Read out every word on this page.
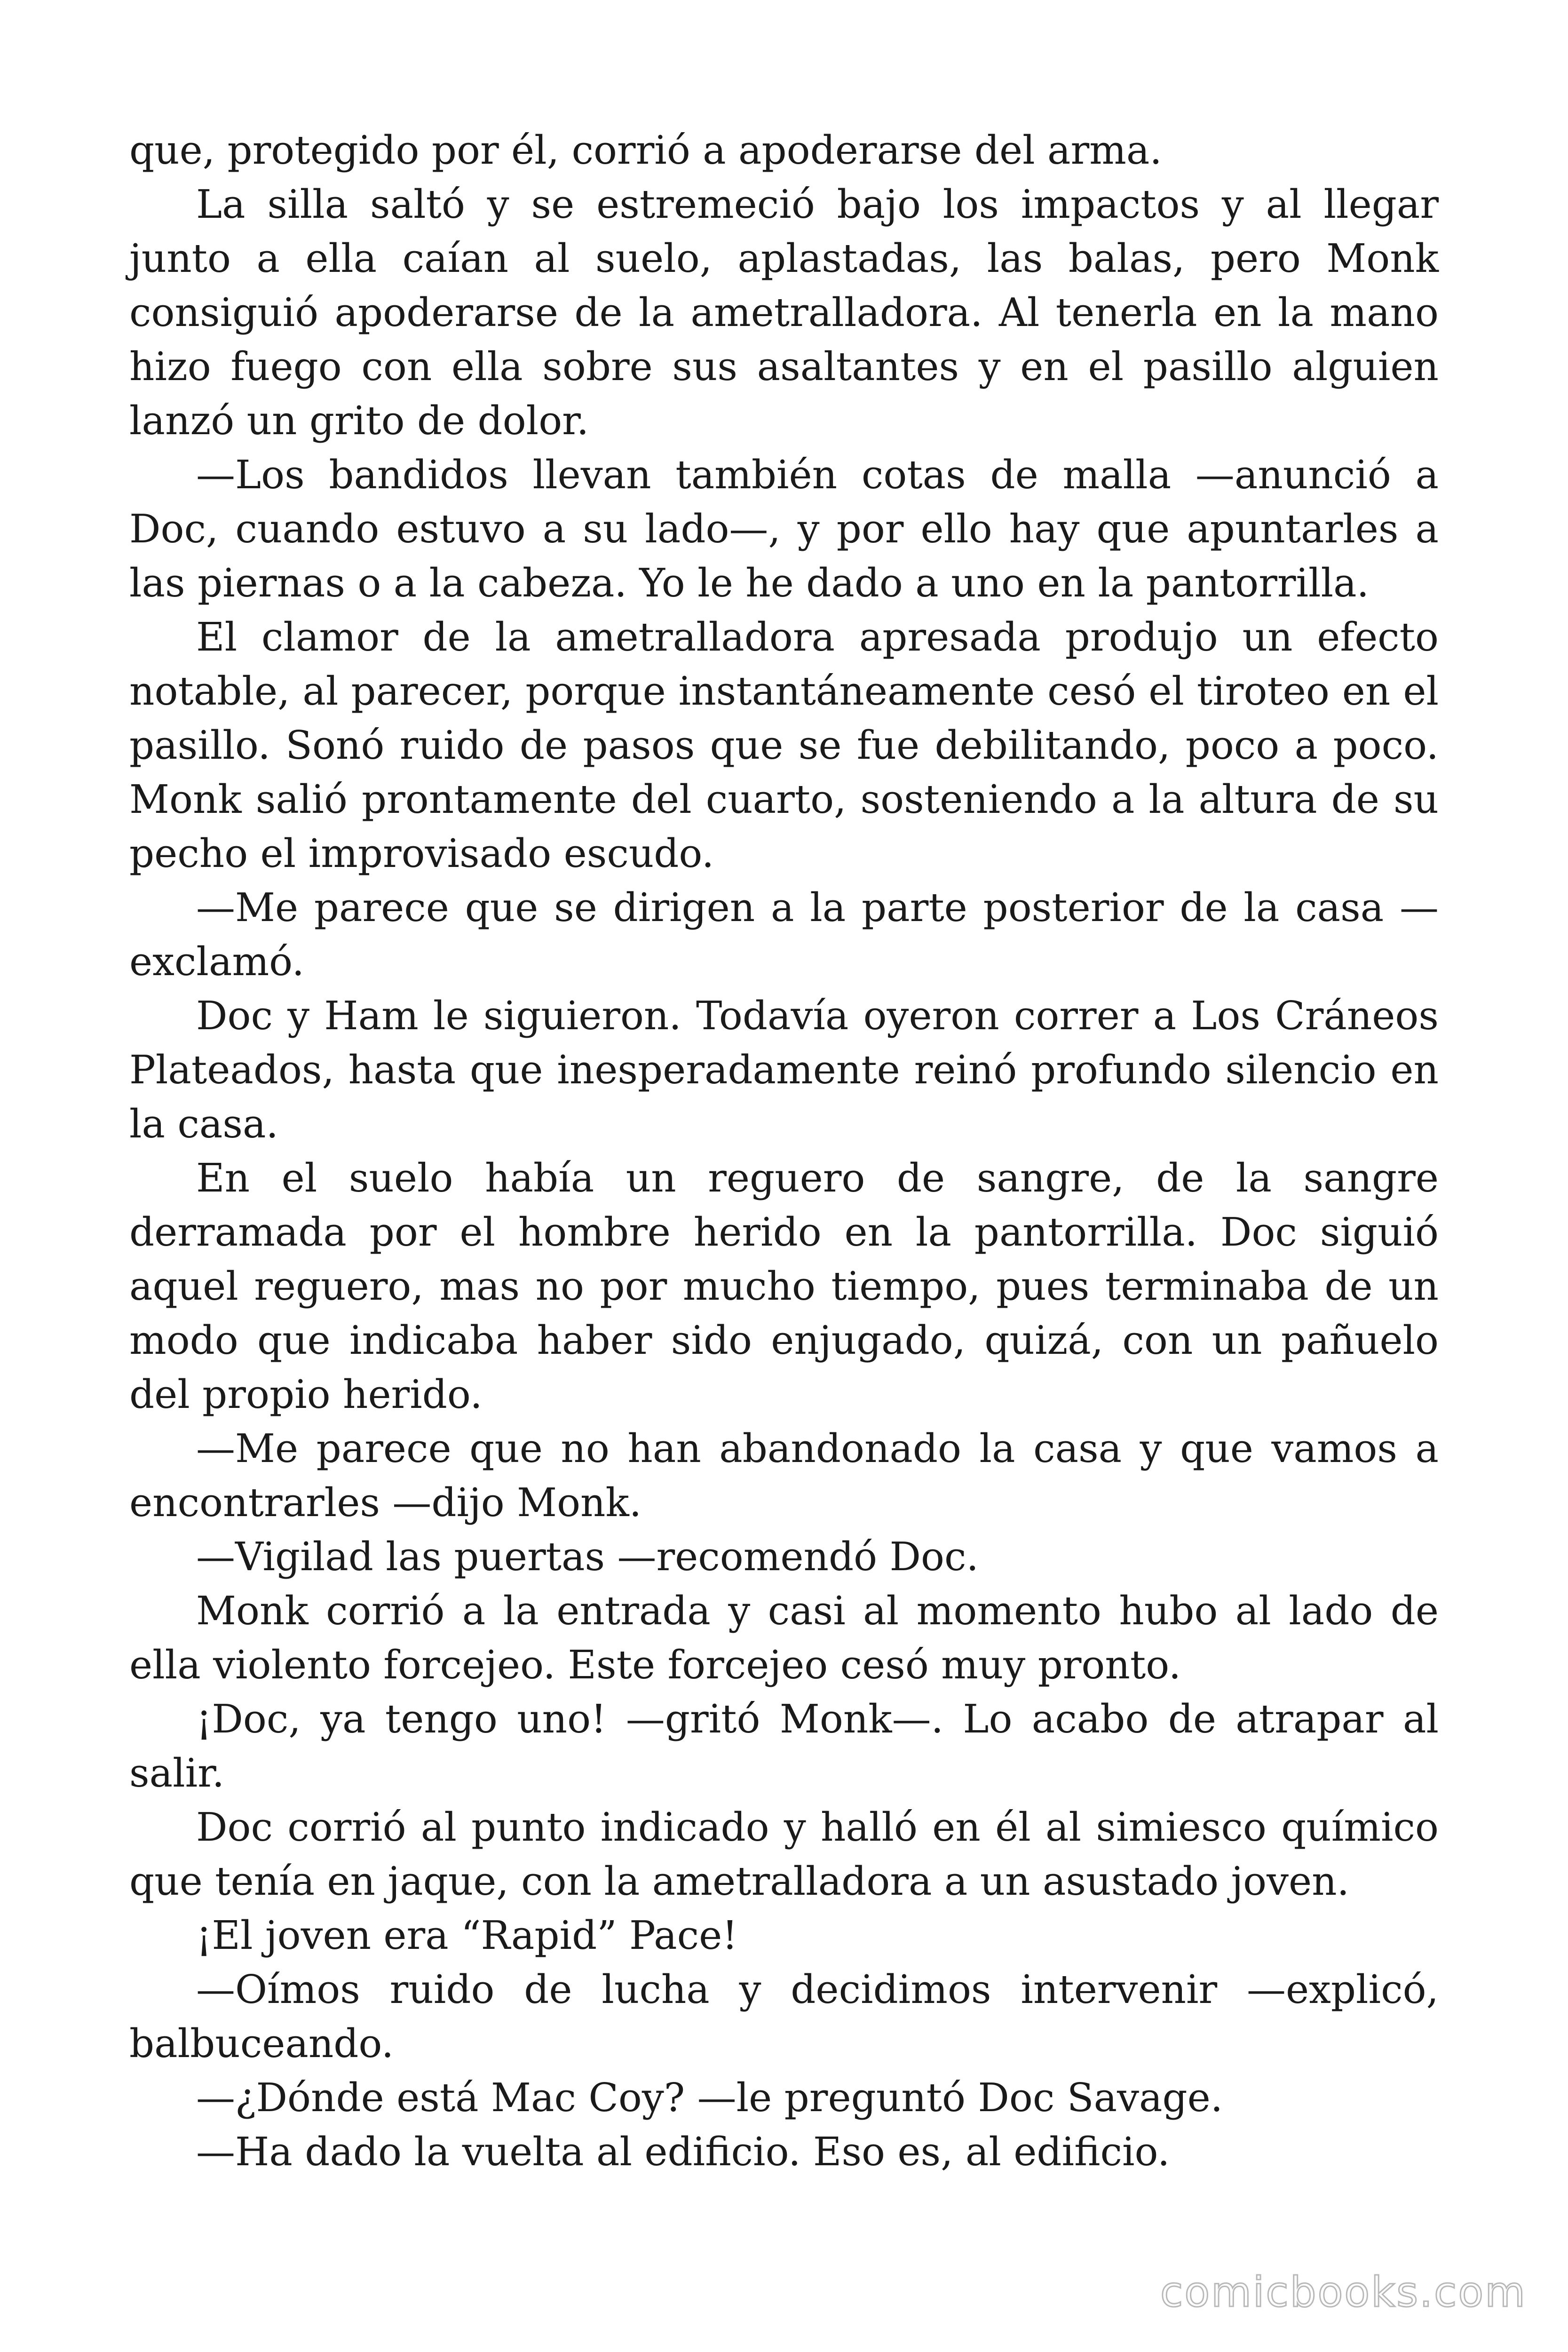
que, protegido por él, corrió a apoderarse del arma.

La silla saltó y se estremeció bajo los impactos y al llegar junto a ella caían al suelo, aplastadas, las balas, pero Monk consiguió apoderarse de la ametralladora. Al tenerla en la mano hizo fuego con ella sobre sus asaltantes y en el pasillo alguien lanzó un grito de dolor.

—Los bandidos llevan también cotas de malla —anunció a Doc, cuando estuvo a su lado—, y por ello hay que apuntarles a las piernas o a la cabeza. Yo le he dado a uno en la pantorrilla.

El clamor de la ametralladora apresada produjo un efecto notable, al parecer, porque instantáneamente cesó el tiroteo en el pasillo. Sonó ruido de pasos que se fue debilitando, poco a poco. Monk salió prontamente del cuarto, sosteniendo a la altura de su pecho el improvisado escudo.

—Me parece que se dirigen a la parte posterior de la casa —exclamó.

Doc y Ham le siguieron. Todavía oyeron correr a Los Cráneos Plateados, hasta que inesperadamente reinó profundo silencio en la casa.

En el suelo había un reguero de sangre, de la sangre derramada por el hombre herido en la pantorrilla. Doc siguió aquel reguero, mas no por mucho tiempo, pues terminaba de un modo que indicaba haber sido enjugado, quizá, con un pañuelo del propio herido.

—Me parece que no han abandonado la casa y que vamos a encontrarles —dijo Monk.

—Vigilad las puertas —recomendó Doc.

Monk corrió a la entrada y casi al momento hubo al lado de ella violento forcejeo. Este forcejeo cesó muy pronto.

¡Doc, ya tengo uno! —gritó Monk—. Lo acabo de atrapar al salir.

Doc corrió al punto indicado y halló en él al simiesco químico que tenía en jaque, con la ametralladora a un asustado joven.

¡El joven era “Rapid” Pace!

—Oímos ruido de lucha y decidimos intervenir —explicó, balbuceando.

—¿Dónde está Mac Coy? —le preguntó Doc Savage.

—Ha dado la vuelta al edificio. Eso es, al edificio.

comicbooks.com
